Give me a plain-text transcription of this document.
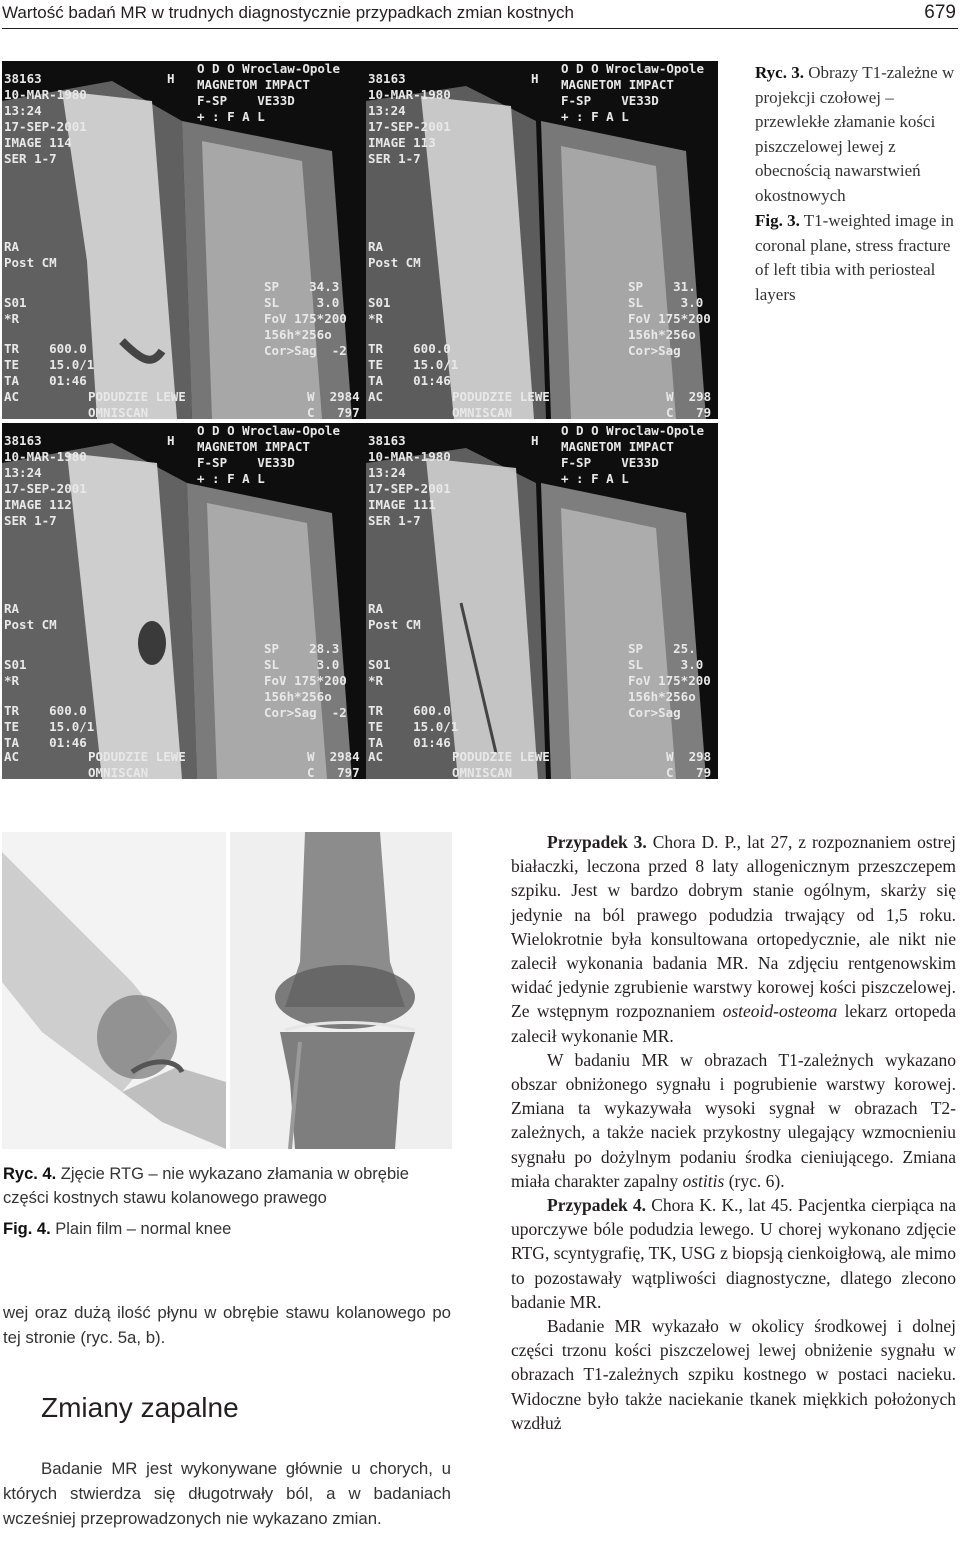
Wartość badań MR w trudnych diagnostycznie przypadkach zmian kostnych	679
O D O Wroclaw-Opole
MAGNETOM IMPACT
F-SP    VE33D
+ : F A L
38163
10-MAR-1980
13:24
17-SEP-2001
IMAGE 114
SER 1-7
H
RA
Post CM
SP    34.3
SL     3.0
FoV 175*200
156h*256o
Cor>Sag  -2
S01
*R
TR    600.0
TE    15.0/1
TA    01:46
AC	PODUDZIE LEWE
OMNISCAN
W  2984
C   797
O D O Wroclaw-Opole
MAGNETOM IMPACT
F-SP    VE33D
+ : F A L
38163
10-MAR-1980
13:24
17-SEP-2001
IMAGE 113
SER 1-7
H
RA
Post CM
SP    31.
SL     3.0
FoV 175*200
156h*256o
Cor>Sag
S01
*R
TR    600.0
TE    15.0/1
TA    01:46
AC	PODUDZIE LEWE
OMNISCAN
W  298
C   79
O D O Wroclaw-Opole
MAGNETOM IMPACT
F-SP    VE33D
+ : F A L
38163
10-MAR-1980
13:24
17-SEP-2001
IMAGE 112
SER 1-7
H
RA
Post CM
SP    28.3
SL     3.0
FoV 175*200
156h*256o
Cor>Sag  -2
S01
*R
TR    600.0
TE    15.0/1
TA    01:46
AC	PODUDZIE LEWE
OMNISCAN
W  2984
C   797
O D O Wroclaw-Opole
MAGNETOM IMPACT
F-SP    VE33D
+ : F A L
38163
10-MAR-1980
13:24
17-SEP-2001
IMAGE 111
SER 1-7
H
RA
Post CM
SP    25.
SL     3.0
FoV 175*200
156h*256o
Cor>Sag
S01
*R
TR    600.0
TE    15.0/1
TA    01:46
AC	PODUDZIE LEWE
OMNISCAN
W  298
C   79
Ryc. 3. Obrazy T1-zależne w projekcji czołowej – przewlekłe złamanie kości piszczelowej lewej z obecnością nawarstwień okostnowych
Fig. 3. T1-weighted image in coronal plane, stress fracture of left tibia with periosteal layers
Ryc. 4. Zjęcie RTG – nie wykazano złamania w obrębie części kostnych stawu kolanowego prawego
Fig. 4. Plain film – normal knee
wej oraz dużą ilość płynu w obrębie stawu kolanowego po tej stronie (ryc. 5a, b).
Zmiany zapalne
Badanie MR jest wykonywane głównie u chorych, u których stwierdza się długotrwały ból, a w badaniach wcześniej przeprowadzonych nie wykazano zmian.

Przypadek 3. Chora D. P., lat 27, z rozpoznaniem ostrej białaczki, leczona przed 8 laty allogenicznym przeszczepem szpiku. Jest w bardzo dobrym stanie ogólnym, skarży się jedynie na ból prawego podudzia trwający od 1,5 roku. Wielokrotnie była konsultowana ortopedycznie, ale nikt nie zalecił wykonania badania MR. Na zdjęciu rentgenowskim widać jedynie zgrubienie warstwy korowej kości piszczelowej. Ze wstępnym rozpoznaniem osteoid-osteoma lekarz ortopeda zalecił wykonanie MR.

W badaniu MR w obrazach T1-zależnych wykazano obszar obniżonego sygnału i pogrubienie warstwy korowej. Zmiana ta wykazywała wysoki sygnał w obrazach T2-zależnych, a także naciek przykostny ulegający wzmocnieniu sygnału po dożylnym podaniu środka cieniującego. Zmiana miała charakter zapalny ostitis (ryc. 6).

Przypadek 4. Chora K. K., lat 45. Pacjentka cierpiąca na uporczywe bóle podudzia lewego. U chorej wykonano zdjęcie RTG, scyntygrafię, TK, USG z biopsją cienkoigłową, ale mimo to pozostawały wątpliwości diagnostyczne, dlatego zlecono badanie MR.

Badanie MR wykazało w okolicy środkowej i dolnej części trzonu kości piszczelowej lewej obniżenie sygnału w obrazach T1-zależnych szpiku kostnego w postaci nacieku. Widoczne było także naciekanie tkanek miękkich położonych wzdłuż
